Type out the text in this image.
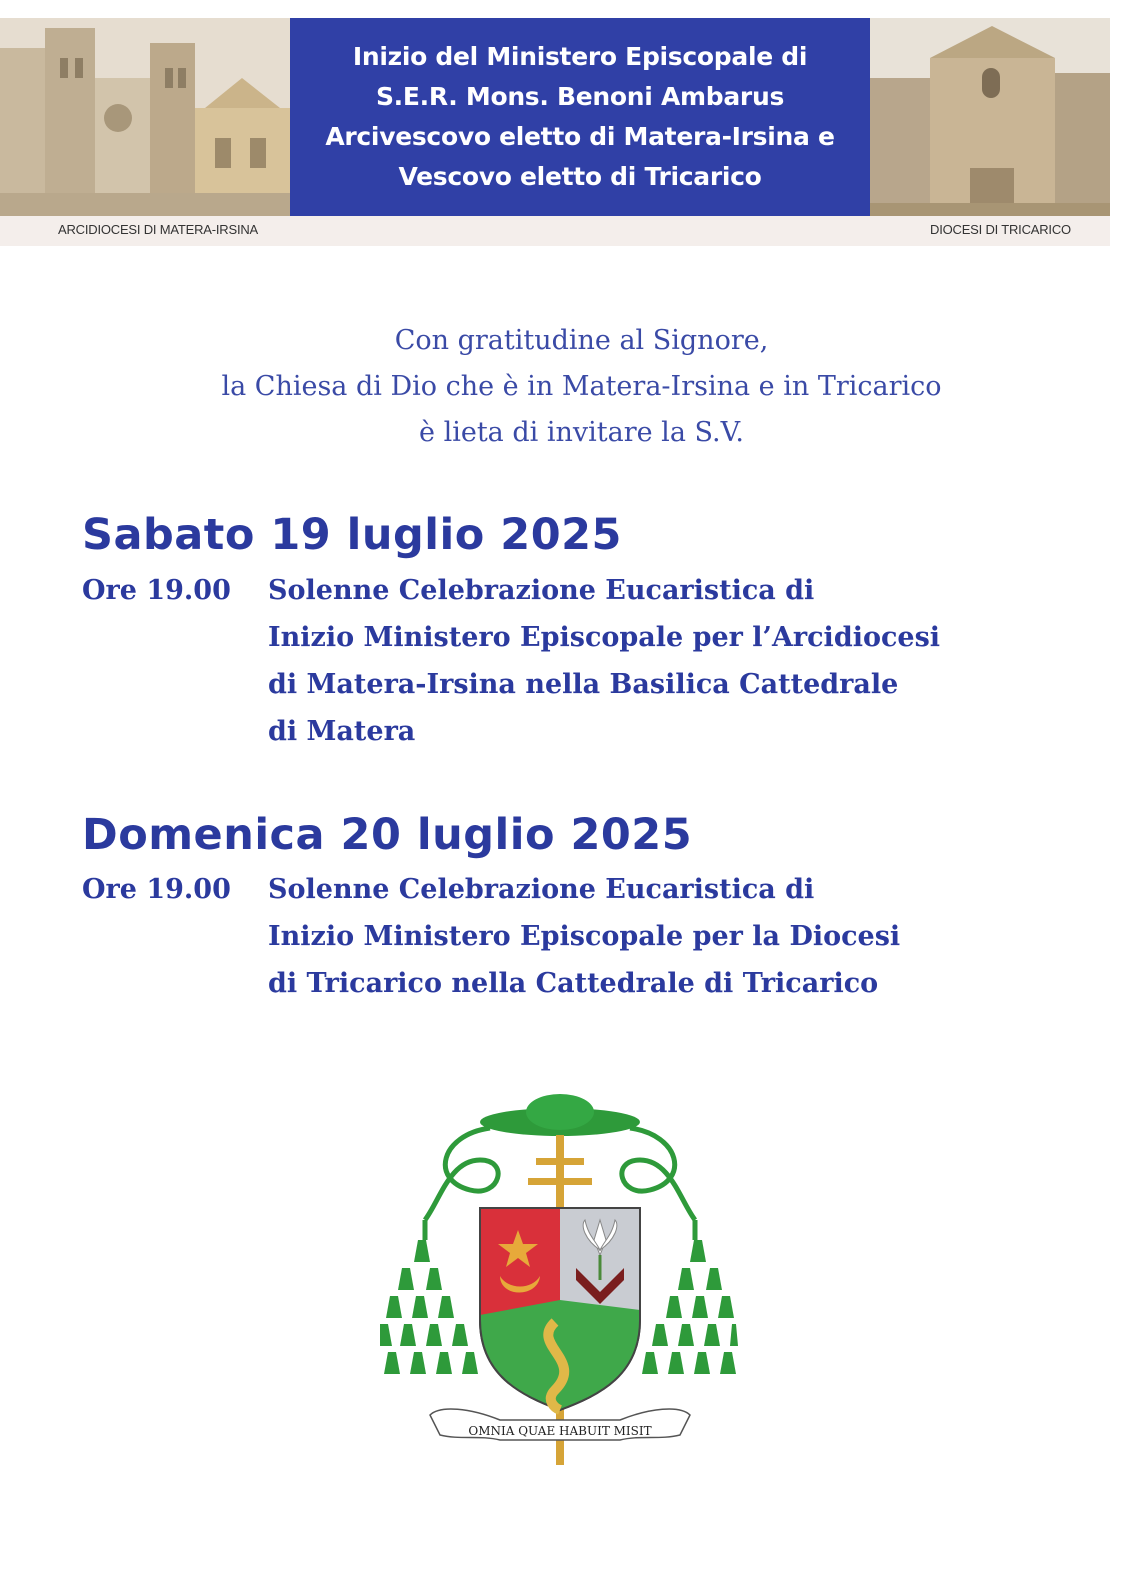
Inizio del Ministero Episcopale di
S.E.R. Mons. Benoni Ambarus
Arcivescovo eletto di Matera-Irsina e
Vescovo eletto di Tricarico
ARCIDIOCESI DI MATERA-IRSINA	DIOCESI DI TRICARICO
Con gratitudine al Signore,
la Chiesa di Dio che è in Matera-Irsina e in Tricarico
è lieta di invitare la S.V.
Sabato 19 luglio 2025
Ore 19.00 Solenne Celebrazione Eucaristica di
Inizio Ministero Episcopale per l’Arcidiocesi
di Matera-Irsina nella Basilica Cattedrale
di Matera
Domenica 20 luglio 2025
Ore 19.00 Solenne Celebrazione Eucaristica di
Inizio Ministero Episcopale per la Diocesi
di Tricarico nella Cattedrale di Tricarico
OMNIA QUAE HABUIT MISIT
